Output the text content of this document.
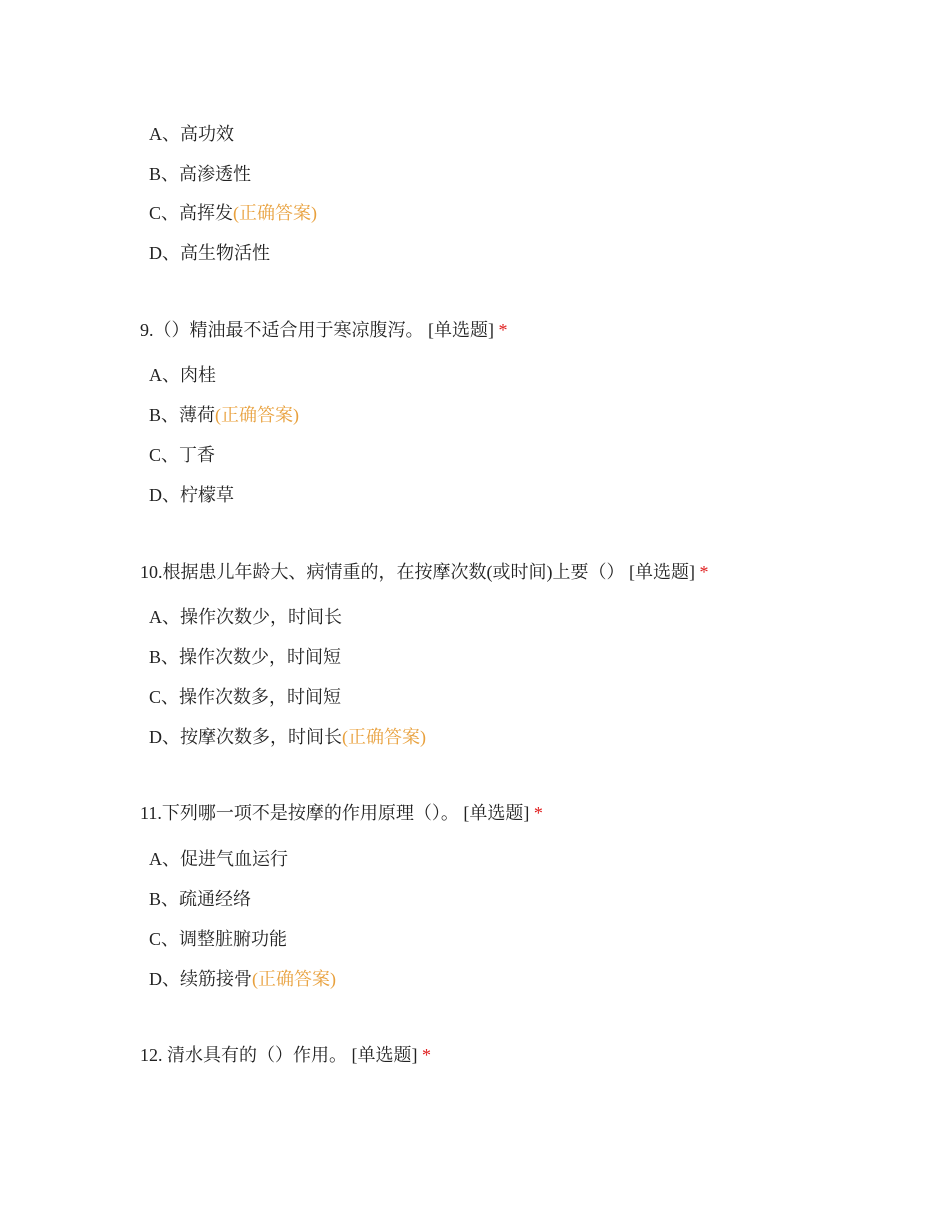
A、高功效
B、高渗透性
C、高挥发(正确答案)
D、高生物活性
9.（）精油最不适合用于寒凉腹泻。 [单选题] *
A、肉桂
B、薄荷(正确答案)
C、丁香
D、柠檬草
10.根据患儿年龄大、病情重的，在按摩次数(或时间)上要（） [单选题] *
A、操作次数少，时间长
B、操作次数少，时间短
C、操作次数多，时间短
D、按摩次数多，时间长(正确答案)
11.下列哪一项不是按摩的作用原理（）。 [单选题] *
A、促进气血运行
B、疏通经络
C、调整脏腑功能
D、续筋接骨(正确答案)
12. 清水具有的（）作用。 [单选题] *
